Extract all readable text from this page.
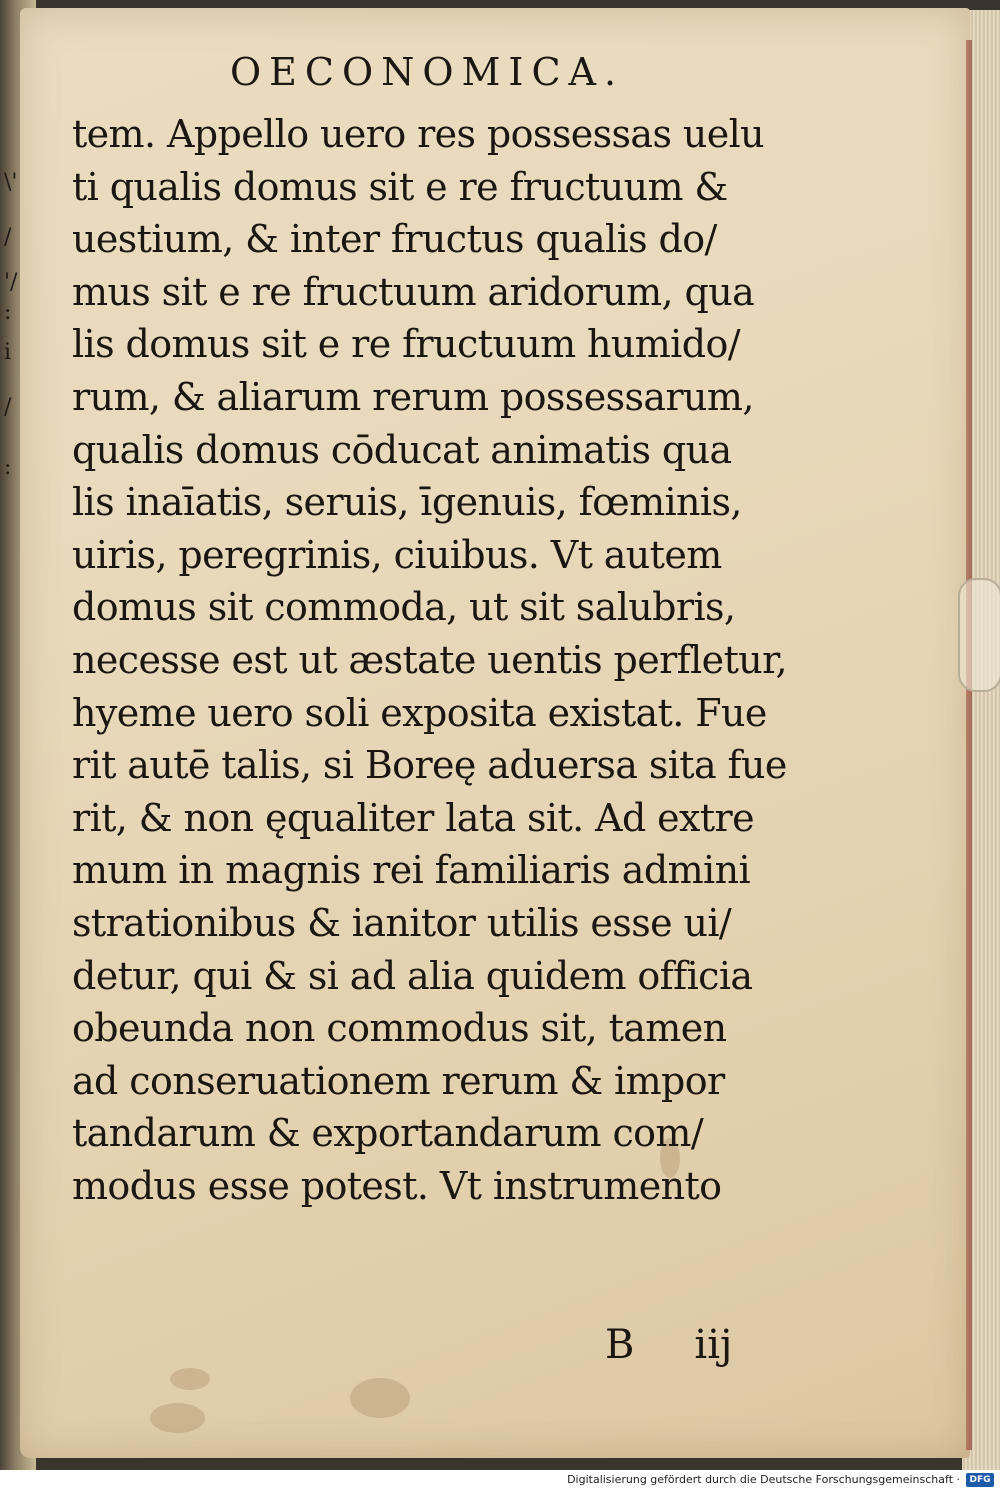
\'
/
'/
:
i
/
:
OECONOMICA.
tem. Appello uero res possessas uelu
ti qualis domus sit e re fructuum &
uestium, & inter fructus qualis do/
mus sit e re fructuum aridorum, qua
lis domus sit e re fructuum humido/
rum, & aliarum rerum possessarum,
qualis domus cōducat animatis qua
lis inaīatis, seruis, īgenuis, fœminis,
uiris, peregrinis, ciuibus. Vt autem
domus sit commoda, ut sit salubris,
necesse est ut æstate uentis perfletur,
hyeme uero soli exposita existat. Fue
rit autē talis, si Boreę aduersa sita fue
rit, & non ęqualiter lata sit. Ad extre
mum in magnis rei familiaris admini
strationibus & ianitor utilis esse ui/
detur, qui & si ad alia quidem officia
obeunda non commodus sit, tamen
ad conseruationem rerum & impor
tandarum & exportandarum com/
modus esse potest. Vt instrumento
B iij
Digitalisierung gefördert durch die Deutsche Forschungsgemeinschaft ·	DFG
